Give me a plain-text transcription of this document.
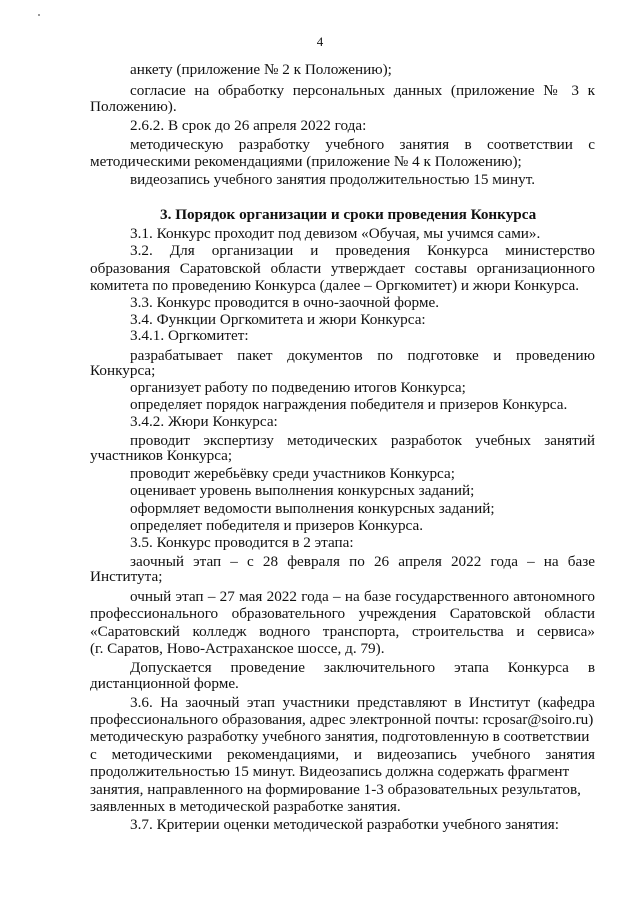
4
анкету (приложение № 2 к Положению);
согласие на обработку персональных данных (приложение № 3 к
Положению).
2.6.2. В срок до 26 апреля 2022 года:
методическую разработку учебного занятия в соответствии с
методическими рекомендациями (приложение № 4 к Положению);
видеозапись учебного занятия продолжительностью 15 минут.
3. Порядок организации и сроки проведения Конкурса
3.1. Конкурс проходит под девизом «Обучая, мы учимся сами».
3.2. Для организации и проведения Конкурса министерство
образования Саратовской области утверждает составы организационного
комитета по проведению Конкурса (далее – Оргкомитет) и жюри Конкурса.
3.3. Конкурс проводится в очно-заочной форме.
3.4. Функции Оргкомитета и жюри Конкурса:
3.4.1. Оргкомитет:
разрабатывает пакет документов по подготовке и проведению
Конкурса;
организует работу по подведению итогов Конкурса;
определяет порядок награждения победителя и призеров Конкурса.
3.4.2. Жюри Конкурса:
проводит экспертизу методических разработок учебных занятий
участников Конкурса;
проводит жеребьёвку среди участников Конкурса;
оценивает уровень выполнения конкурсных заданий;
оформляет ведомости выполнения конкурсных заданий;
определяет победителя и призеров Конкурса.
3.5. Конкурс проводится в 2 этапа:
заочный этап – с 28 февраля по 26 апреля 2022 года – на базе
Института;
очный этап – 27 мая 2022 года – на базе государственного автономного
профессионального образовательного учреждения Саратовской области
«Саратовский колледж водного транспорта, строительства и сервиса»
(г. Саратов, Ново-Астраханское шоссе, д. 79).
Допускается проведение заключительного этапа Конкурса в
дистанционной форме.
3.6. На заочный этап участники представляют в Институт (кафедра
профессионального образования, адрес электронной почты: rcposar@soiro.ru)
методическую разработку учебного занятия, подготовленную в соответствии
с методическими рекомендациями, и видеозапись учебного занятия
продолжительностью 15 минут. Видеозапись должна содержать фрагмент
занятия, направленного на формирование 1-3 образовательных результатов,
заявленных в методической разработке занятия.
3.7. Критерии оценки методической разработки учебного занятия:
